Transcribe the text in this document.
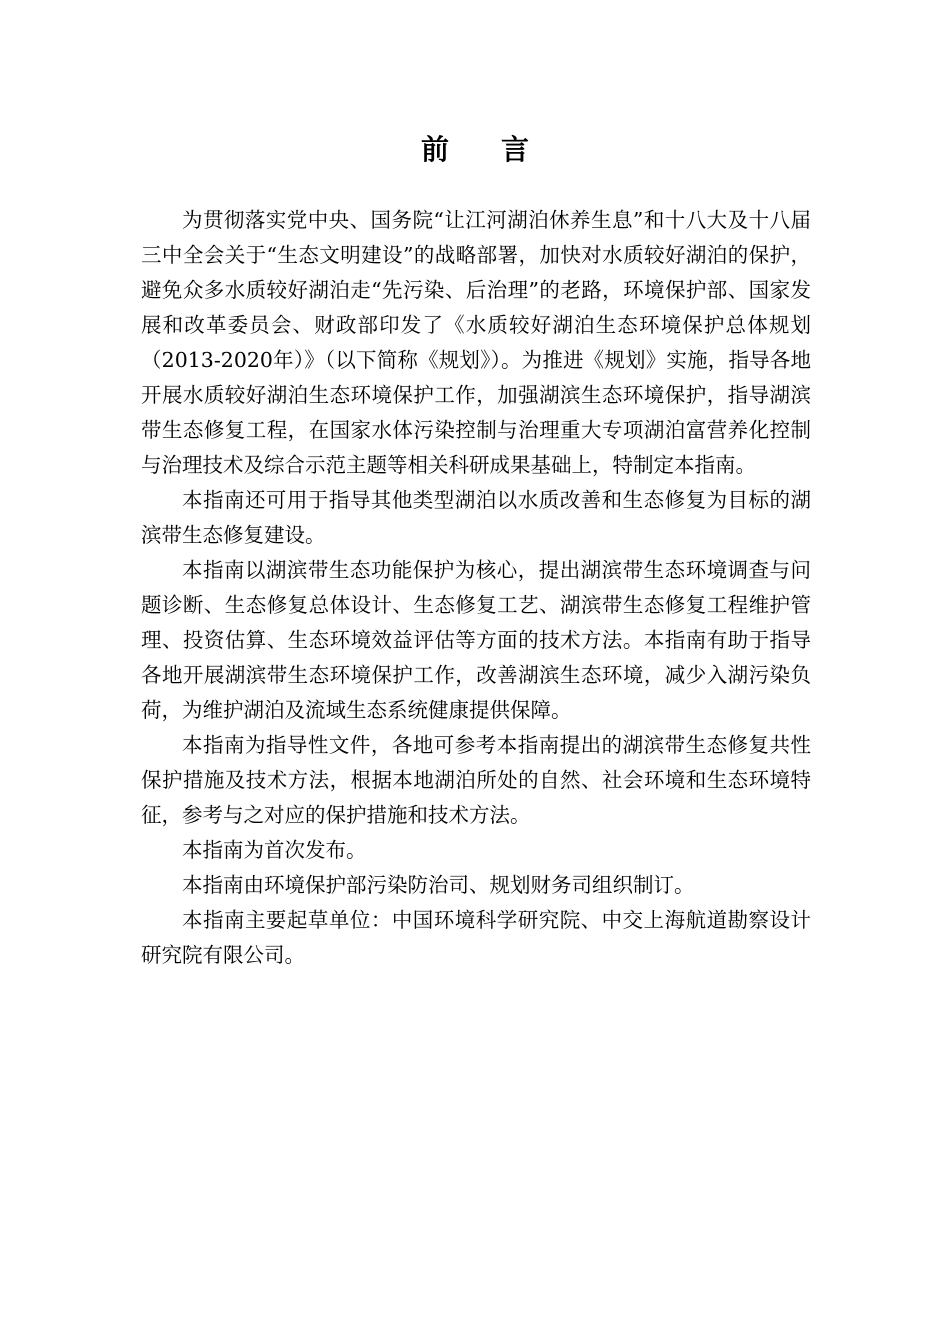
前言

为贯彻落实党中央、国务院“让江河湖泊休养生息”和十八大及十八届三中全会关于“生态文明建设”的战略部署，加快对水质较好湖泊的保护，避免众多水质较好湖泊走“先污染、后治理”的老路，环境保护部、国家发展和改革委员会、财政部印发了《水质较好湖泊生态环境保护总体规划（2013-2020年）》（以下简称《规划》）。为推进《规划》实施，指导各地开展水质较好湖泊生态环境保护工作，加强湖滨生态环境保护，指导湖滨带生态修复工程，在国家水体污染控制与治理重大专项湖泊富营养化控制与治理技术及综合示范主题等相关科研成果基础上，特制定本指南。

本指南还可用于指导其他类型湖泊以水质改善和生态修复为目标的湖滨带生态修复建设。

本指南以湖滨带生态功能保护为核心，提出湖滨带生态环境调查与问题诊断、生态修复总体设计、生态修复工艺、湖滨带生态修复工程维护管理、投资估算、生态环境效益评估等方面的技术方法。本指南有助于指导各地开展湖滨带生态环境保护工作，改善湖滨生态环境，减少入湖污染负荷，为维护湖泊及流域生态系统健康提供保障。

本指南为指导性文件，各地可参考本指南提出的湖滨带生态修复共性保护措施及技术方法，根据本地湖泊所处的自然、社会环境和生态环境特征，参考与之对应的保护措施和技术方法。

本指南为首次发布。

本指南由环境保护部污染防治司、规划财务司组织制订。

本指南主要起草单位：中国环境科学研究院、中交上海航道勘察设计研究院有限公司。
